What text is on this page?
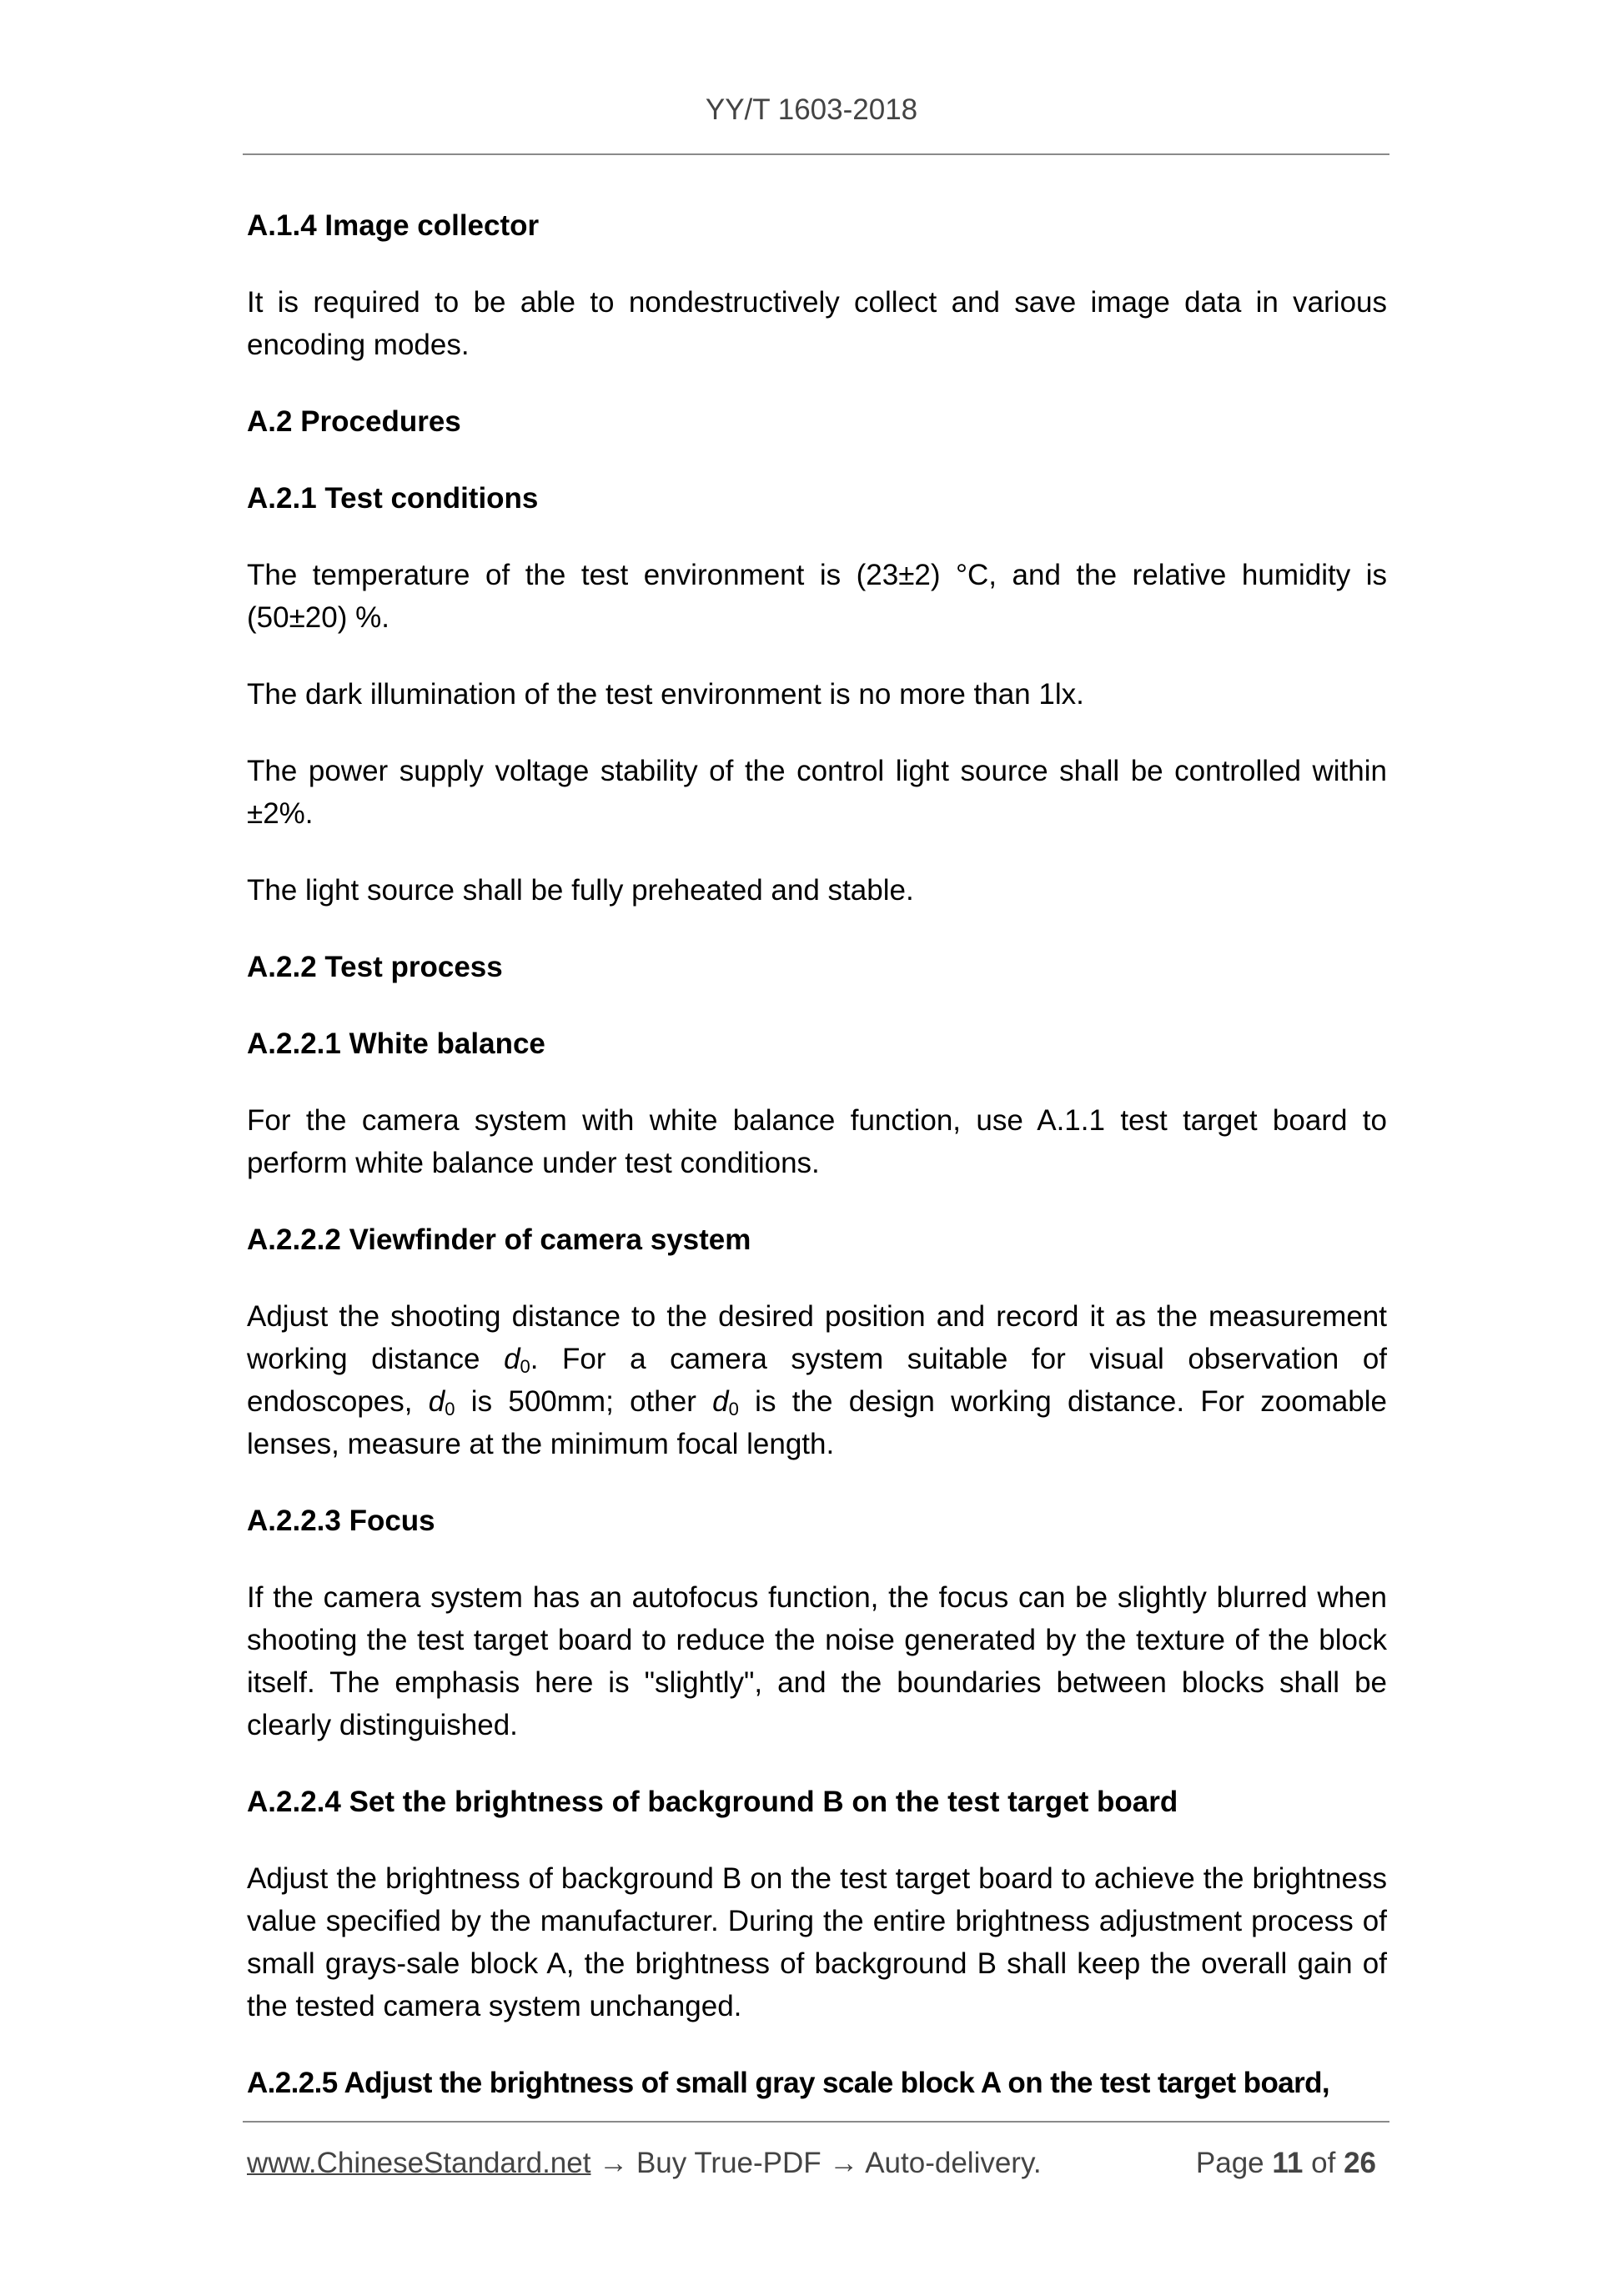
YY/T 1603-2018
A.1.4 Image collector
It is required to be able to nondestructively collect and save image data in various encoding modes.
A.2 Procedures
A.2.1 Test conditions
The temperature of the test environment is (23±2) °C, and the relative humidity is (50±20) %.
The dark illumination of the test environment is no more than 1lx.
The power supply voltage stability of the control light source shall be controlled within ±2%.
The light source shall be fully preheated and stable.
A.2.2 Test process
A.2.2.1 White balance
For the camera system with white balance function, use A.1.1 test target board to perform white balance under test conditions.
A.2.2.2 Viewfinder of camera system
Adjust the shooting distance to the desired position and record it as the measurement working distance $d_0$. For a camera system suitable for visual observation of endoscopes, $d_0$ is 500mm; other $d_0$ is the design working distance. For zoomable lenses, measure at the minimum focal length.
A.2.2.3 Focus
If the camera system has an autofocus function, the focus can be slightly blurred when shooting the test target board to reduce the noise generated by the texture of the block itself. The emphasis here is "slightly", and the boundaries between blocks shall be clearly distinguished.
A.2.2.4 Set the brightness of background B on the test target board
Adjust the brightness of background B on the test target board to achieve the brightness value specified by the manufacturer. During the entire brightness adjustment process of small grays-sale block A, the brightness of background B shall keep the overall gain of the tested camera system unchanged.
A.2.2.5 Adjust the brightness of small gray scale block A on the test target board,
www.ChineseStandard.net → Buy True-PDF → Auto-delivery.	Page 11 of 26
